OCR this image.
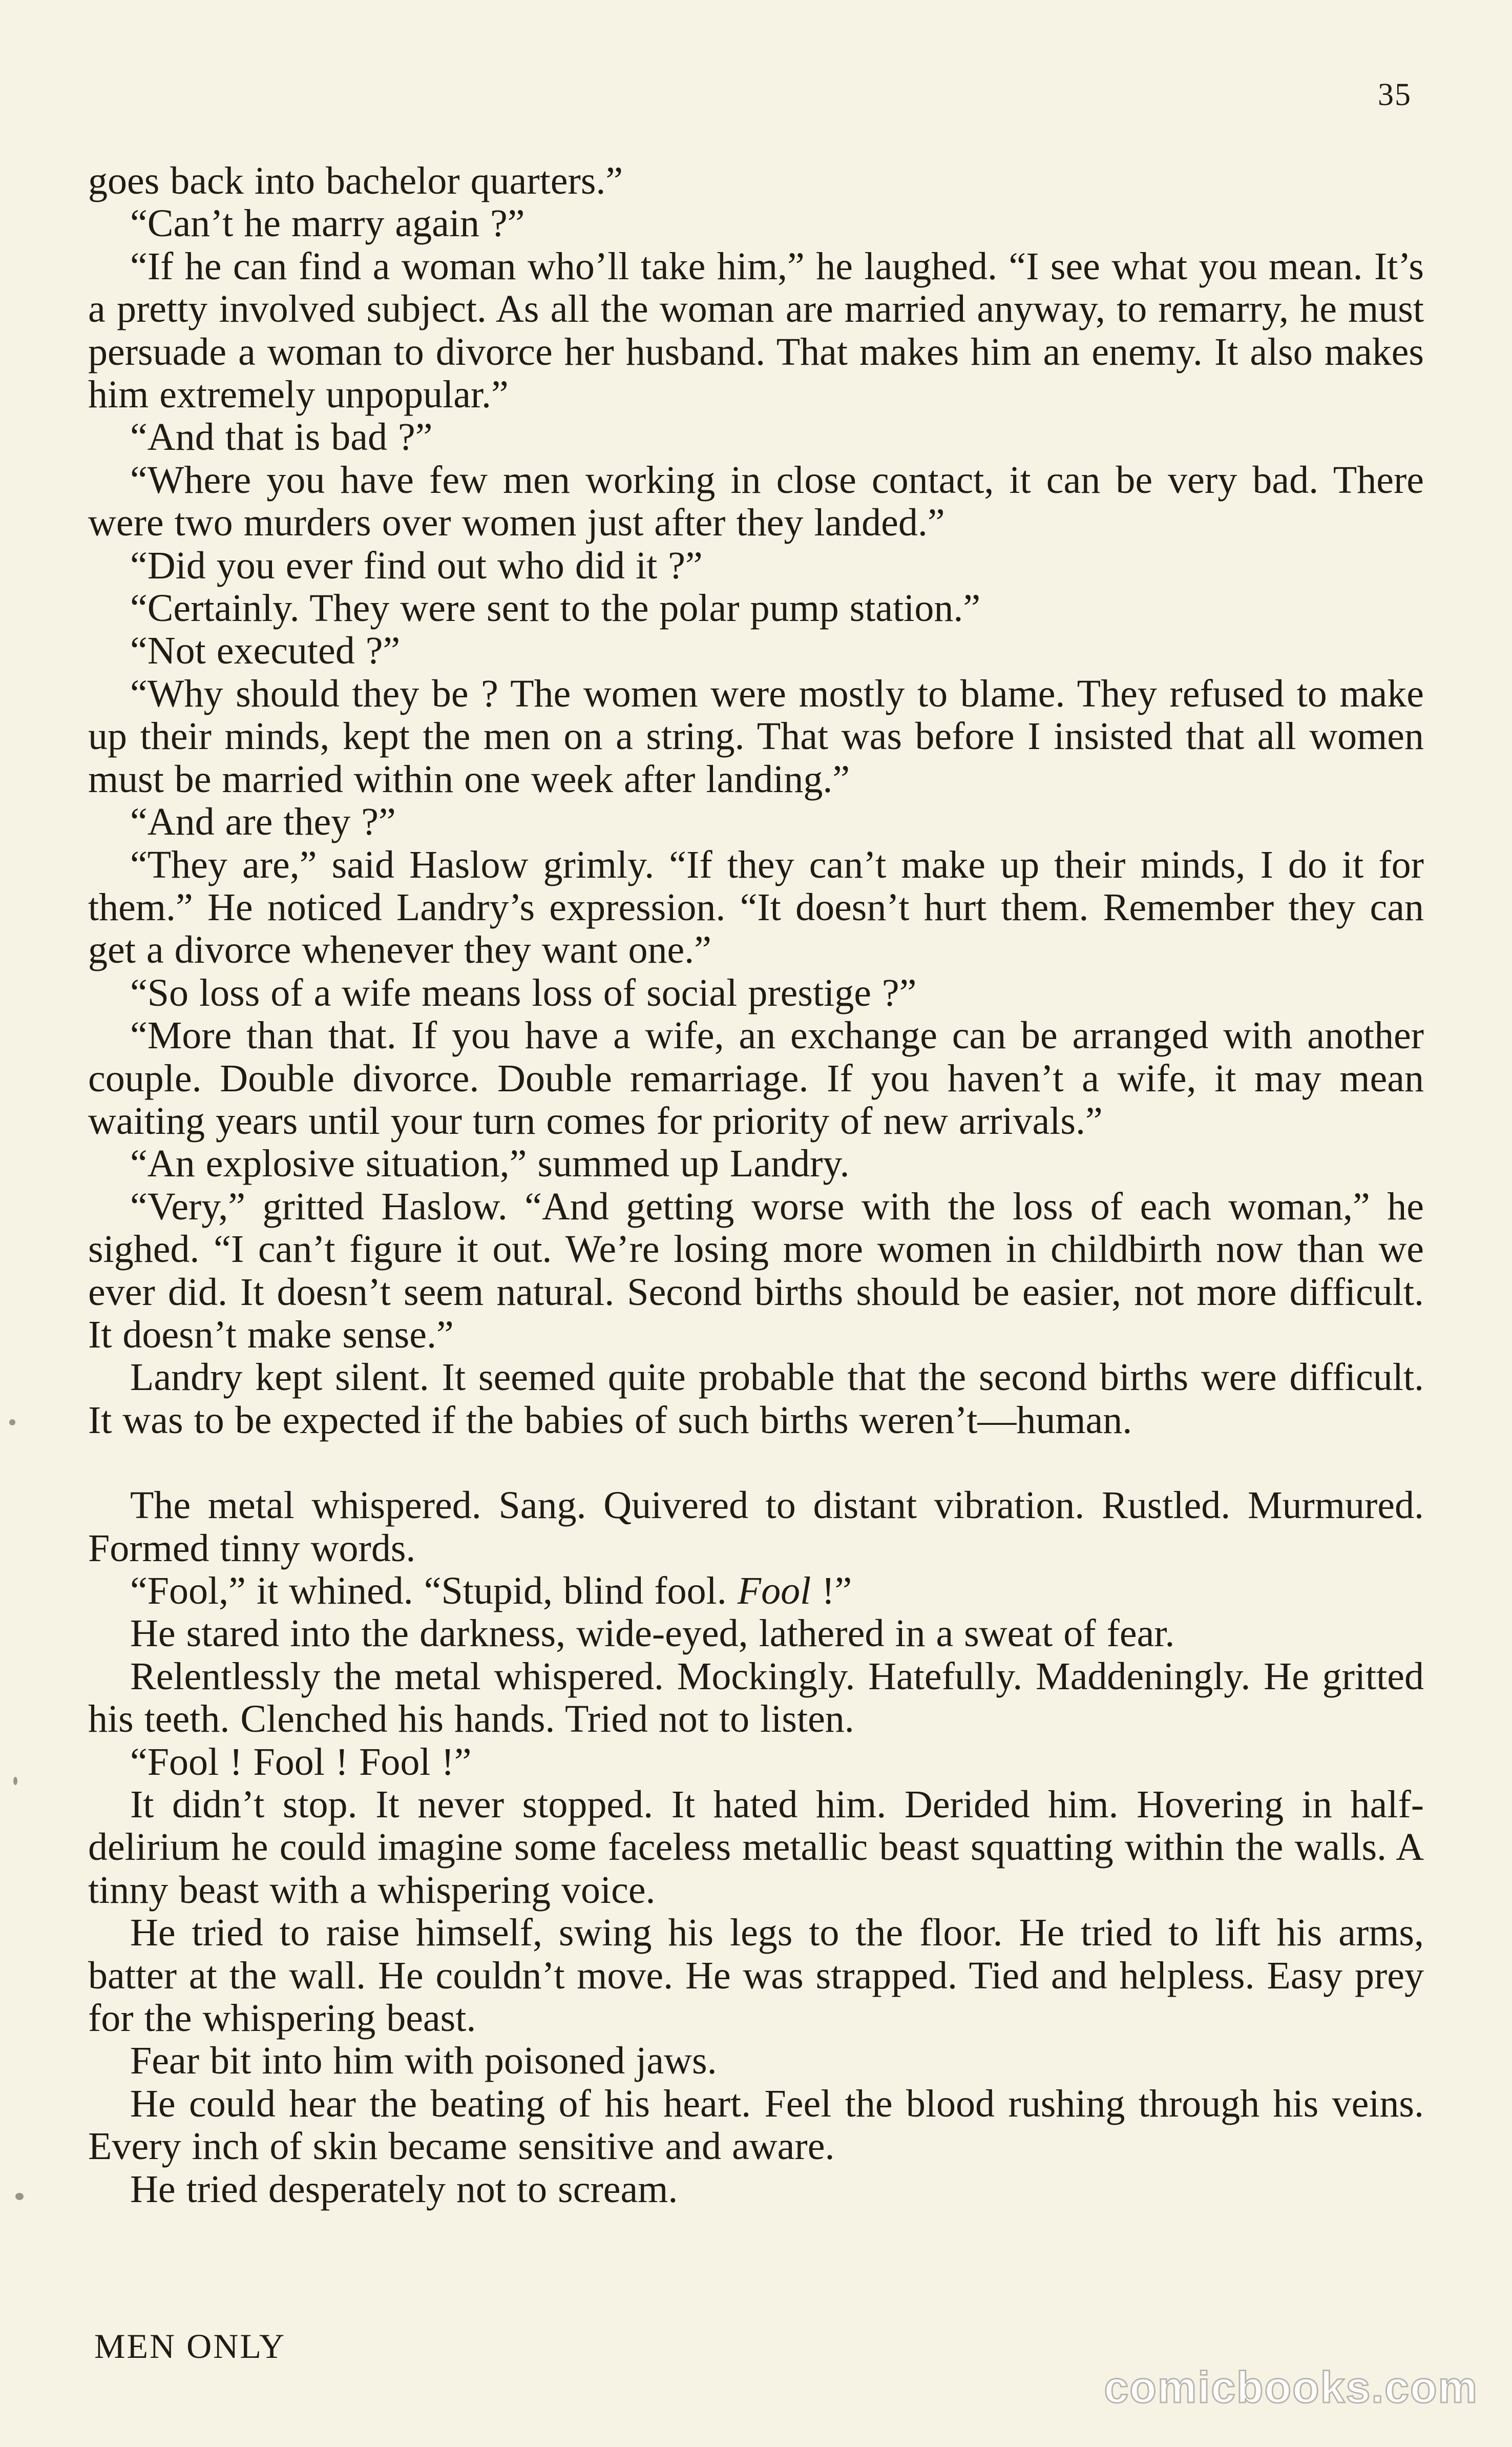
35

goes back into bachelor quarters.”

“Can’t he marry again ?”

“If he can find a woman who’ll take him,” he laughed. “I see what you mean. It’s a pretty involved subject. As all the woman are married anyway, to remarry, he must persuade a woman to divorce her husband. That makes him an enemy. It also makes him extremely unpopular.”

“And that is bad ?”

“Where you have few men working in close contact, it can be very bad. There were two murders over women just after they landed.”

“Did you ever find out who did it ?”

“Certainly. They were sent to the polar pump station.”

“Not executed ?”

“Why should they be ? The women were mostly to blame. They refused to make up their minds, kept the men on a string. That was before I insisted that all women must be married within one week after landing.”

“And are they ?”

“They are,” said Haslow grimly. “If they can’t make up their minds, I do it for them.” He noticed Landry’s expression. “It doesn’t hurt them. Remember they can get a divorce whenever they want one.”

“So loss of a wife means loss of social prestige ?”

“More than that. If you have a wife, an exchange can be arranged with another couple. Double divorce. Double remarriage. If you haven’t a wife, it may mean waiting years until your turn comes for priority of new arrivals.”

“An explosive situation,” summed up Landry.

“Very,” gritted Haslow. “And getting worse with the loss of each woman,” he sighed. “I can’t figure it out. We’re losing more women in childbirth now than we ever did. It doesn’t seem natural. Second births should be easier, not more difficult. It doesn’t make sense.”

Landry kept silent. It seemed quite probable that the second births were difficult. It was to be expected if the babies of such births weren’t—human.

The metal whispered. Sang. Quivered to distant vibration. Rustled. Murmured. Formed tinny words.

“Fool,” it whined. “Stupid, blind fool. Fool !”

He stared into the darkness, wide-eyed, lathered in a sweat of fear.

Relentlessly the metal whispered. Mockingly. Hatefully. Maddeningly. He gritted his teeth. Clenched his hands. Tried not to listen.

“Fool ! Fool ! Fool !”

It didn’t stop. It never stopped. It hated him. Derided him. Hovering in half-delirium he could imagine some faceless metallic beast squatting within the walls. A tinny beast with a whispering voice.

He tried to raise himself, swing his legs to the floor. He tried to lift his arms, batter at the wall. He couldn’t move. He was strapped. Tied and helpless. Easy prey for the whispering beast.

Fear bit into him with poisoned jaws.

He could hear the beating of his heart. Feel the blood rushing through his veins. Every inch of skin became sensitive and aware.

He tried desperately not to scream.

MEN ONLY
comicbooks.com
